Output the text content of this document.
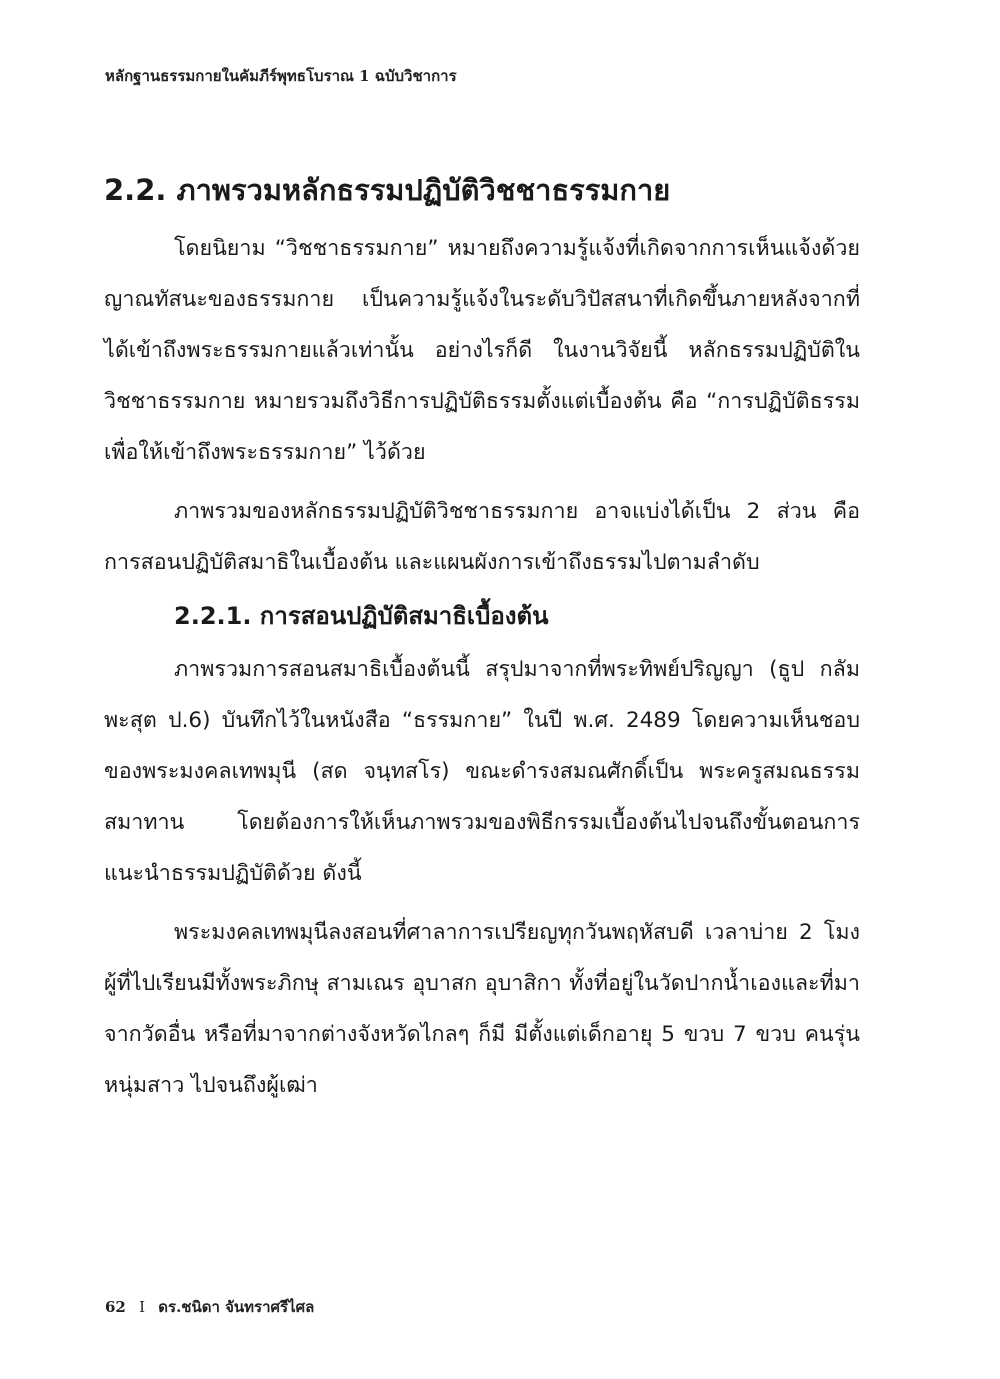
หลักฐานธรรมกายในคัมภีร์พุทธโบราณ 1 ฉบับวิชาการ
2.2. ภาพรวมหลักธรรมปฏิบัติวิชชาธรรมกาย

โดยนิยาม “วิชชาธรรมกาย” หมายถึงความรู้แจ้งที่เกิดจากการเห็นแจ้งด้วยญาณทัสนะของธรรมกาย เป็นความรู้แจ้งในระดับวิปัสสนาที่เกิดขึ้นภายหลังจากที่ได้เข้าถึงพระธรรมกายแล้วเท่านั้น อย่างไรก็ดี ในงานวิจัยนี้ หลักธรรมปฏิบัติในวิชชาธรรมกาย หมายรวมถึงวิธีการปฏิบัติธรรมตั้งแต่เบื้องต้น คือ “การปฏิบัติธรรมเพื่อให้เข้าถึงพระธรรมกาย” ไว้ด้วย

ภาพรวมของหลักธรรมปฏิบัติวิชชาธรรมกาย อาจแบ่งได้เป็น 2 ส่วน คือ การสอนปฏิบัติสมาธิในเบื้องต้น และแผนผังการเข้าถึงธรรมไปตามลำดับ

2.2.1. การสอนปฏิบัติสมาธิเบื้องต้น

ภาพรวมการสอนสมาธิเบื้องต้นนี้ สรุปมาจากที่พระทิพย์ปริญญา (ธูป กลัมพะสุต ป.6) บันทึกไว้ในหนังสือ “ธรรมกาย” ในปี พ.ศ. 2489 โดยความเห็นชอบของพระมงคลเทพมุนี (สด จนฺทสโร) ขณะดำรงสมณศักดิ์เป็น พระครูสมณธรรมสมาทาน โดยต้องการให้เห็นภาพรวมของพิธีกรรมเบื้องต้นไปจนถึงขั้นตอนการแนะนำธรรมปฏิบัติด้วย ดังนี้

พระมงคลเทพมุนีลงสอนที่ศาลาการเปรียญทุกวันพฤหัสบดี เวลาบ่าย 2 โมง ผู้ที่ไปเรียนมีทั้งพระภิกษุ สามเณร อุบาสก อุบาสิกา ทั้งที่อยู่ในวัดปากน้ำเองและที่มาจากวัดอื่น หรือที่มาจากต่างจังหวัดไกลๆ ก็มี มีตั้งแต่เด็กอายุ 5 ขวบ 7 ขวบ คนรุ่นหนุ่มสาว ไปจนถึงผู้เฒ่า

62 I ดร.ชนิดา จันทราศรีไศล
